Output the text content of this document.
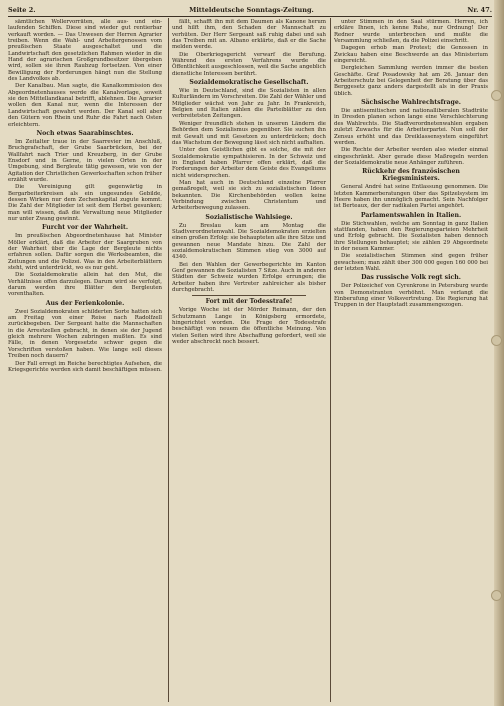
Seite 2.	Mitteldeutsche Sonntags-Zeitung.	Nr. 47.

sämtlichen Wollervorräten, alle aus- und ein-laufenden Schiffen. Diese sind wieder gut rentierbar verkauft worden. — Das Unwesen der Herren Agrarier treiben. Wenn die Wahl- und Arbeitergenossen vom preußischen Staate ausgeschaltet und die Landwirtschaft den gesetzlichen Rahmen wieder in die Hand der agrarischen Großgrundbesitzer übergeben wird, sollen sie ihren Raubzug fortsetzen. Von einer Bewilligung der Forderungen hängt nun die Stellung des Landvolkes ab.

Der Kanalbau. Man sagte, die Kanalkommission des Abgeordnetenhauses werde die Kanalvorlage, soweit sie den Mittellandkanal betrifft, ablehnen. Die Agrarier wollen den Kanal nur, wenn die Interessen der Landwirtschaft gewahrt werden. Der Kanal soll aber den Gütern von Rhein und Ruhr die Fahrt nach Osten erleichtern.

Noch etwas Saarabinschtes.

Im Zeitalter traue in der Saarrevier im Anschluß, Bruchgrafschaft, der Grube Saarbrücken, bei der Wallfahrt nach Trier und Kreuzberg, in der Grube Ensdorf und in Gerne, in vielen Orten in der Umgebung, sind Bergleute tätig gewesen, wie von der Agitation der Christlichen Gewerkschaften schon früher erzählt wurde.

Die Vereinigung gilt gegenwärtig in Bergarbeiterkreisen als ein ungesundes Gebilde, dessen Wirken nur dem Zechenkapital zugute kommt. Die Zahl der Mitglieder ist seit dem Herbst gesunken; man will wissen, daß die Verwaltung neue Mitglieder nur unter Zwang gewinnt.

Furcht vor der Wahrheit.

Im preußischen Abgeordnetenhause hat Minister Möller erklärt, daß die Arbeiter der Saargruben von der Wahrheit über die Lage der Bergleute nichts erfahren sollen. Dafür sorgen die Werksbeamten, die Zeitungen und die Polizei. Was in den Arbeiterblättern steht, wird unterdrückt, wo es nur geht.

Die Sozialdemokratie allein hat den Mut, die Verhältnisse offen darzulegen. Darum wird sie verfolgt, darum werden ihre Blätter den Bergleuten vorenthalten.

Aus der Ferienkolonie.

Zwei Sozialdemokraten schilderten Sorte hatten sich am Freitag von einer Reise nach Radolfzell zurückbegeben. Der Sergeant hatte die Mannschaften in die Arrestzellen gebracht, in denen sie der Jugend gleich mehrere Wochen zubringen mußten. Es sind Fälle, in denen Vorgesetzte schwer gegen die Vorschriften verstoßen haben. Wie lange soll dieses Treiben noch dauern?

Der Fall erregt im Reiche berechtigtes Aufsehen, die Kriegsgerichte werden sich damit beschäftigen müssen.

fällt, schafft ihn mit dem Daumen als Kanone herum und hilft ihm, den Schaden der Mannschaft zu verhüten. Der Herr Sergeant saß ruhig dabei und sah das Treiben mit an. Albano erklärte, daß er die Sache melden werde.

Die Oberkriegsgericht verwarf die Berufung. Während des ersten Verfahrens wurde die Öffentlichkeit ausgeschlossen, weil die Sache angeblich dienstliche Interessen berührt.

Sozialdemokratische Gesellschaft.

Wie in Deutschland, sind die Sozialisten in allen Kulturländern im Vorschreiten. Die Zahl der Wähler und Mitglieder wächst von Jahr zu Jahr. In Frankreich, Belgien und Italien zählen die Parteiblätter zu den verbreitetsten Zeitungen.

Weniger freundlich stehen in unseren Ländern die Behörden dem Sozialismus gegenüber. Sie suchen ihn mit Gewalt und mit Gesetzen zu unterdrücken; doch das Wachstum der Bewegung lässt sich nicht aufhalten.

Unter den Geistlichen gibt es solche, die mit der Sozialdemokratie sympathisieren. In der Schweiz und in England haben Pfarrer offen erklärt, daß die Forderungen der Arbeiter dem Geiste des Evangeliums nicht widersprechen.

Man hat auch in Deutschland einzelne Pfarrer gemaßregelt, weil sie sich zu sozialistischen Ideen bekannten. Die Kirchenbehörden wollen keine Verbindung zwischen Christentum und Arbeiterbewegung zulassen.

Sozialistische Wahlsiege.

Zu Breslau kam am Montag die Stadtverordnetenwahl. Die Sozialdemokraten erzielten einen großen Erfolg: sie behaupteten alle ihre Sitze und gewannen neue Mandate hinzu. Die Zahl der sozialdemokratischen Stimmen stieg von 3000 auf 4340.

Bei den Wahlen der Gewerbegerichte im Kanton Genf gewannen die Sozialisten 7 Sitze. Auch in anderen Städten der Schweiz wurden Erfolge errungen; die Arbeiter haben ihre Vertreter zahlreicher als bisher durchgebracht.

Fort mit der Todesstrafe!

Vorige Woche ist der Mörder Reimann, der den Schutzmann Lange in Königsberg ermordete, hingerichtet worden. Die Frage der Todesstrafe beschäftigt von neuem die öffentliche Meinung. Von vielen Seiten wird ihre Abschaffung gefordert, weil sie weder abschreckt noch bessert.

unter Stimmen in den Saal stürmen. Herren, ich erkläre Ihnen, ich kenne Ruhe, nur Ordnung! Der Redner wurde unterbrochen und mußte die Versammlung schließen, da die Polizei einschritt.

Dagegen erhob man Protest; die Genossen in Zwickau haben eine Beschwerde an das Ministerium eingereicht.

Dergleichen Sammlung werden immer die besten Geschäfte. Graf Posadowsky hat am 26. Januar den Arbeiterschutz bei Gelegenheit der Beratung über das Berggesetz ganz anders dargestellt als in der Praxis üblich.

Sächsische Wahlrechtsfrage.

Die antisemitischen und nationalliberalen Stadträte in Dresden planen schon lange eine Verschlechterung des Wahlrechts. Die Stadtverordnetenwahlen ergaben zuletzt Zuwachs für die Arbeiterpartei. Nun soll der Zensus erhöht und das Dreiklassensystem eingeführt werden.

Die Rechte der Arbeiter werden also wieder einmal eingeschränkt. Aber gerade diese Maßregeln werden der Sozialdemokratie neue Anhänger zuführen.

Rückkehr des französischen Kriegsministers.

General André hat seine Entlassung genommen. Die letzten Kammerberatungen über das Spitzelsystem im Heere haben ihn unmöglich gemacht. Sein Nachfolger ist Berteaux, der der radikalen Partei angehört.

Parlamentswahlen in Italien.

Die Stichwahlen, welche am Sonntag in ganz Italien stattfanden, haben den Regierungsparteien Mehrheit und Erfolg gebracht. Die Sozialisten haben dennoch ihre Stellungen behauptet; sie zählen 29 Abgeordnete in der neuen Kammer.

Die sozialistischen Stimmen sind gegen früher gewachsen; man zählt über 300 000 gegen 160 000 bei der letzten Wahl.

Das russische Volk regt sich.

Der Polizeichef von Cyrenkrone in Petersburg wurde von Demonstranten verhöhnt. Man verlangt die Einberufung einer Volksvertretung. Die Regierung hat Truppen in der Hauptstadt zusammengezogen.
